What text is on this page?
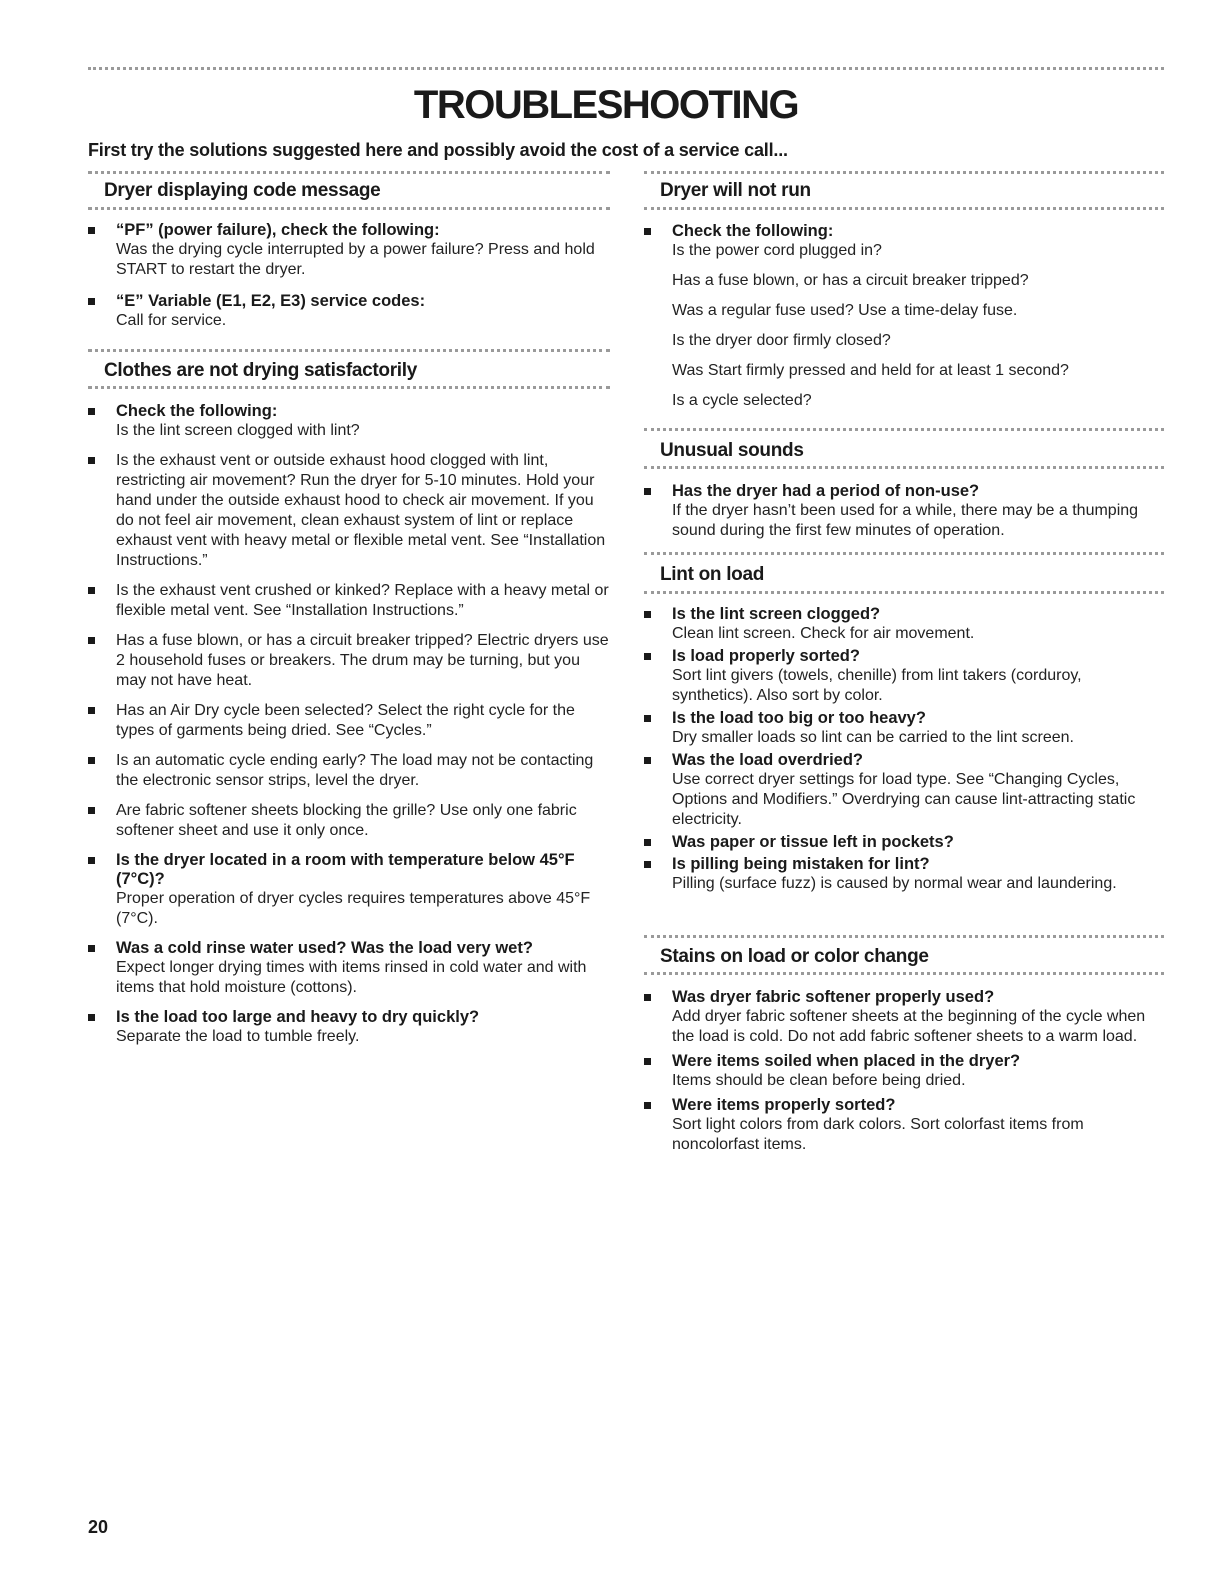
TROUBLESHOOTING

First try the solutions suggested here and possibly avoid the cost of a service call...

Dryer displaying code message
“PF” (power failure), check the following:
Was the drying cycle interrupted by a power failure? Press and hold START to restart the dryer.
“E” Variable (E1, E2, E3) service codes:
Call for service.
Clothes are not drying satisfactorily
Check the following:
Is the lint screen clogged with lint?
Is the exhaust vent or outside exhaust hood clogged with lint, restricting air movement? Run the dryer for 5-10 minutes. Hold your hand under the outside exhaust hood to check air movement. If you do not feel air movement, clean exhaust system of lint or replace exhaust vent with heavy metal or flexible metal vent. See “Installation Instructions.”
Is the exhaust vent crushed or kinked? Replace with a heavy metal or flexible metal vent. See “Installation Instructions.”
Has a fuse blown, or has a circuit breaker tripped? Electric dryers use 2 household fuses or breakers. The drum may be turning, but you may not have heat.
Has an Air Dry cycle been selected? Select the right cycle for the types of garments being dried. See “Cycles.”
Is an automatic cycle ending early? The load may not be contacting the electronic sensor strips, level the dryer.
Are fabric softener sheets blocking the grille? Use only one fabric softener sheet and use it only once.
Is the dryer located in a room with temperature below 45°F (7°C)?
Proper operation of dryer cycles requires temperatures above 45°F (7°C).
Was a cold rinse water used? Was the load very wet?
Expect longer drying times with items rinsed in cold water and with items that hold moisture (cottons).
Is the load too large and heavy to dry quickly?
Separate the load to tumble freely.
Dryer will not run
Check the following:
Is the power cord plugged in?
Has a fuse blown, or has a circuit breaker tripped?
Was a regular fuse used? Use a time-delay fuse.
Is the dryer door firmly closed?
Was Start firmly pressed and held for at least 1 second?
Is a cycle selected?
Unusual sounds
Has the dryer had a period of non-use?
If the dryer hasn’t been used for a while, there may be a thumping sound during the first few minutes of operation.
Lint on load
Is the lint screen clogged?
Clean lint screen. Check for air movement.
Is load properly sorted?
Sort lint givers (towels, chenille) from lint takers (corduroy, synthetics). Also sort by color.
Is the load too big or too heavy?
Dry smaller loads so lint can be carried to the lint screen.
Was the load overdried?
Use correct dryer settings for load type. See “Changing Cycles, Options and Modifiers.” Overdrying can cause lint-attracting static electricity.
Was paper or tissue left in pockets?
Is pilling being mistaken for lint?
Pilling (surface fuzz) is caused by normal wear and laundering.
Stains on load or color change
Was dryer fabric softener properly used?
Add dryer fabric softener sheets at the beginning of the cycle when the load is cold. Do not add fabric softener sheets to a warm load.
Were items soiled when placed in the dryer?
Items should be clean before being dried.
Were items properly sorted?
Sort light colors from dark colors. Sort colorfast items from noncolorfast items.
20
